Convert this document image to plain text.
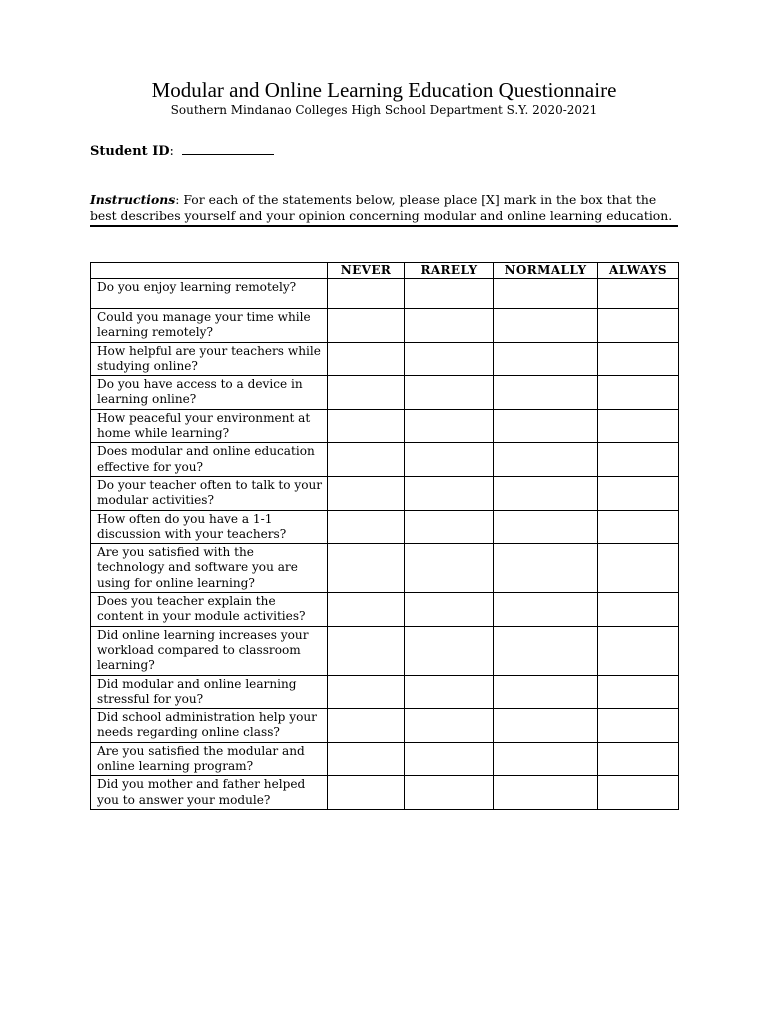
Modular and Online Learning Education Questionnaire

Southern Mindanao Colleges High School Department S.Y. 2020-2021

Student ID:

Instructions: For each of the statements below, please place [X] mark in the box that the best describes yourself and your opinion concerning modular and online learning education.

	NEVER	RARELY	NORMALLY	ALWAYS
Do you enjoy learning remotely?				
Could you manage your time while learning remotely?				
How helpful are your teachers while studying online?				
Do you have access to a device in learning online?				
How peaceful your environment at home while learning?				
Does modular and online education effective for you?				
Do your teacher often to talk to your modular activities?				
How often do you have a 1-1 discussion with your teachers?				
Are you satisfied with the technology and software you are using for online learning?				
Does you teacher explain the content in your module activities?				
Did online learning increases your workload compared to classroom learning?				
Did modular and online learning stressful for you?				
Did school administration help your needs regarding online class?				
Are you satisfied the modular and online learning program?				
Did you mother and father helped you to answer your module?				
